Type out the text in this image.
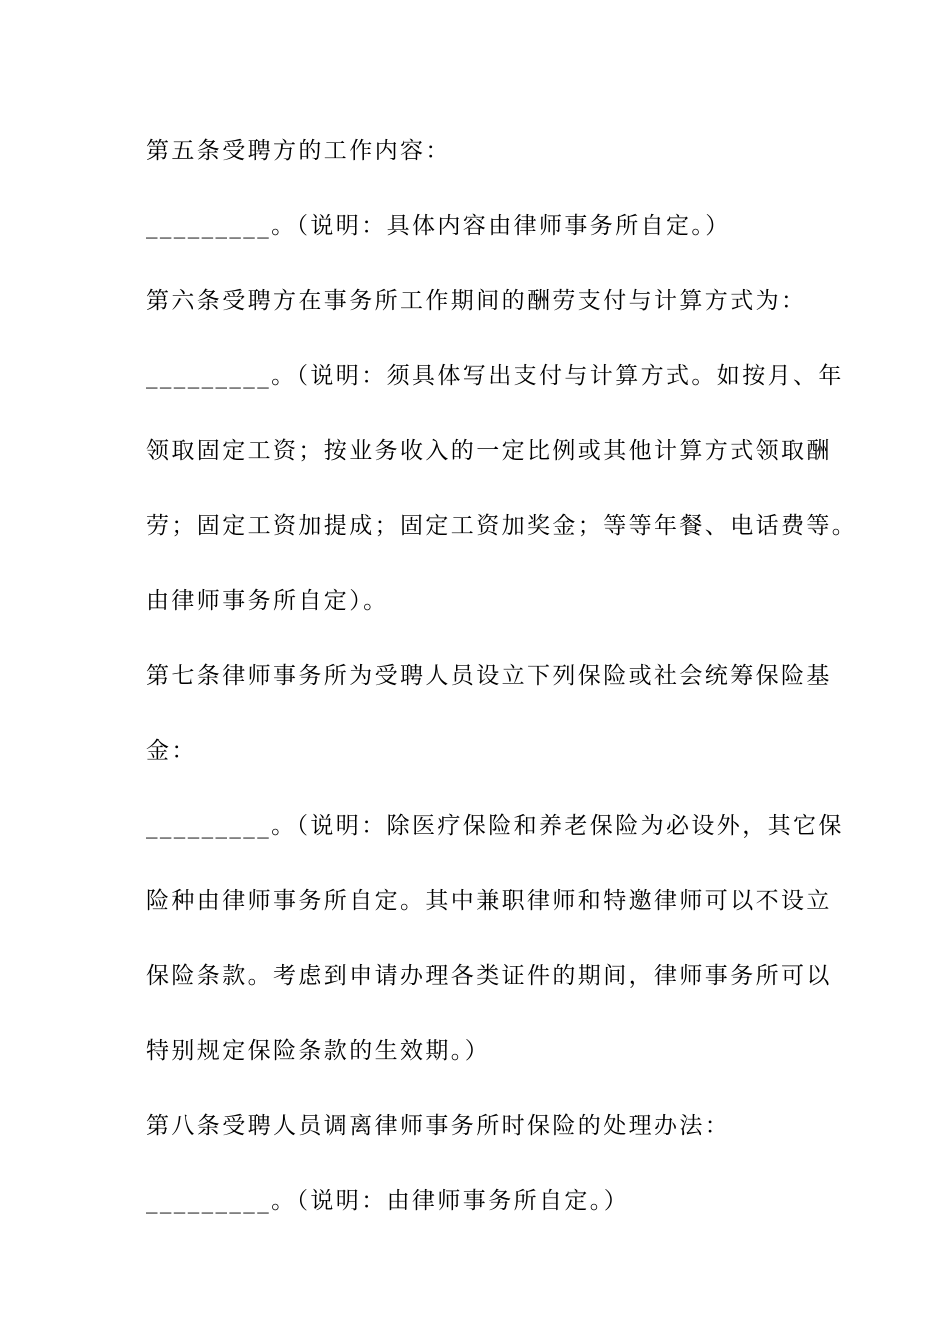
第五条受聘方的工作内容：
_________。（说明：具体内容由律师事务所自定。）
第六条受聘方在事务所工作期间的酬劳支付与计算方式为：
_________。（说明：须具体写出支付与计算方式。如按月、年
领取固定工资；按业务收入的一定比例或其他计算方式领取酬
劳；固定工资加提成；固定工资加奖金；等等年餐、电话费等。
由律师事务所自定）。
第七条律师事务所为受聘人员设立下列保险或社会统筹保险基
金：
_________。（说明：除医疗保险和养老保险为必设外，其它保
险种由律师事务所自定。其中兼职律师和特邀律师可以不设立
保险条款。考虑到申请办理各类证件的期间，律师事务所可以
特别规定保险条款的生效期。）
第八条受聘人员调离律师事务所时保险的处理办法：
_________。（说明：由律师事务所自定。）
